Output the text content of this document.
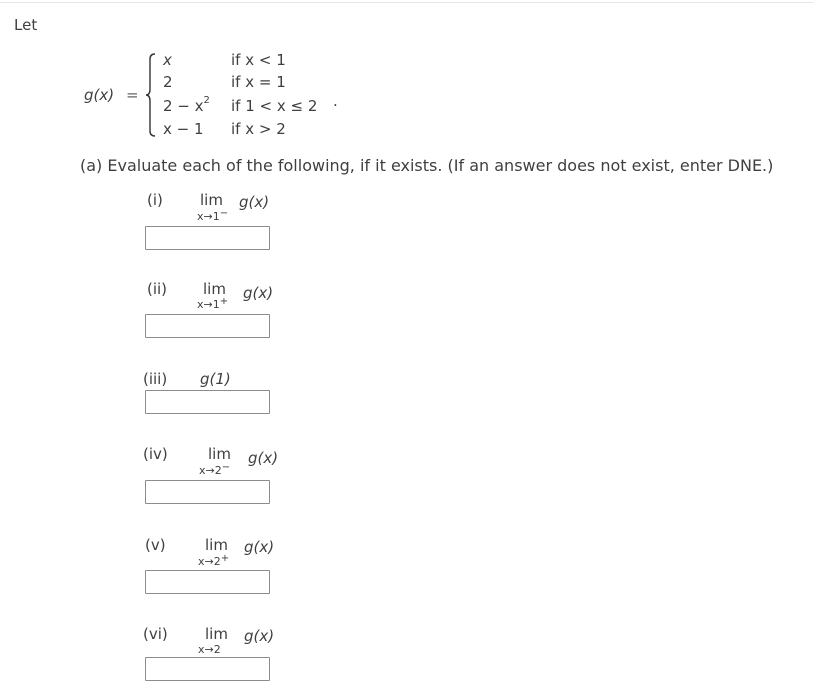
Let
g(x) =
x	if x < 1
2	if x = 1
$2 - x^2$ if 1 < x ≤ 2 .
x − 1 if x > 2
(a) Evaluate each of the following, if it exists. (If an answer does not exist, enter DNE.)
(i) lim g(x)
x→1−
(ii) lim g(x)
x→1+
(iii) g(1)
(iv)	lim g(x)
x→2−
(v)	lim g(x)
x→2+
(vi) lim g(x)
x→2
